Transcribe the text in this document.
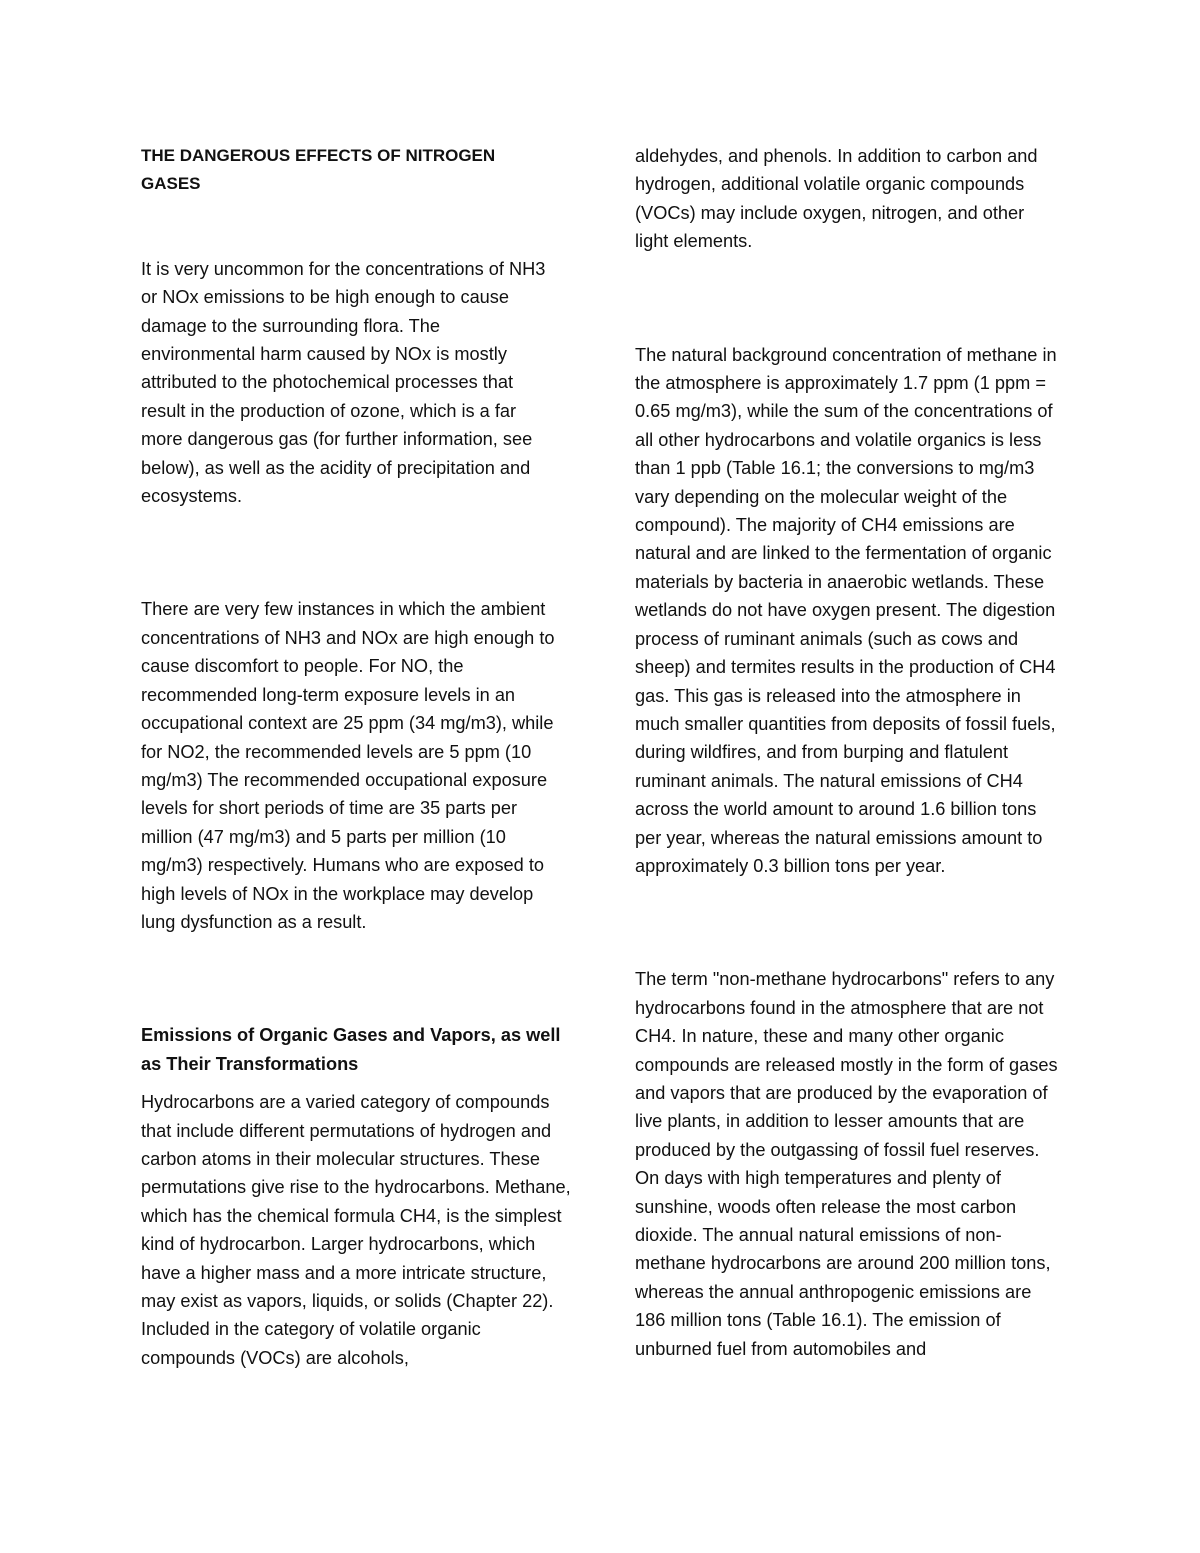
THE DANGEROUS EFFECTS OF NITROGEN GASES

It is very uncommon for the concentrations of NH3 or NOx emissions to be high enough to cause damage to the surrounding flora. The environmental harm caused by NOx is mostly attributed to the photochemical processes that result in the production of ozone, which is a far more dangerous gas (for further information, see below), as well as the acidity of precipitation and ecosystems.

There are very few instances in which the ambient concentrations of NH3 and NOx are high enough to cause discomfort to people. For NO, the recommended long-term exposure levels in an occupational context are 25 ppm (34 mg/m3), while for NO2, the recommended levels are 5 ppm (10 mg/m3) The recommended occupational exposure levels for short periods of time are 35 parts per million (47 mg/m3) and 5 parts per million (10 mg/m3) respectively. Humans who are exposed to high levels of NOx in the workplace may develop lung dysfunction as a result.

Emissions of Organic Gases and Vapors, as well as Their Transformations

Hydrocarbons are a varied category of compounds that include different permutations of hydrogen and carbon atoms in their molecular structures. These permutations give rise to the hydrocarbons. Methane, which has the chemical formula CH4, is the simplest kind of hydrocarbon. Larger hydrocarbons, which have a higher mass and a more intricate structure, may exist as vapors, liquids, or solids (Chapter 22). Included in the category of volatile organic compounds (VOCs) are alcohols,

aldehydes, and phenols. In addition to carbon and hydrogen, additional volatile organic compounds (VOCs) may include oxygen, nitrogen, and other light elements.

The natural background concentration of methane in the atmosphere is approximately 1.7 ppm (1 ppm = 0.65 mg/m3), while the sum of the concentrations of all other hydrocarbons and volatile organics is less than 1 ppb (Table 16.1; the conversions to mg/m3 vary depending on the molecular weight of the compound). The majority of CH4 emissions are natural and are linked to the fermentation of organic materials by bacteria in anaerobic wetlands. These wetlands do not have oxygen present. The digestion process of ruminant animals (such as cows and sheep) and termites results in the production of CH4 gas. This gas is released into the atmosphere in much smaller quantities from deposits of fossil fuels, during wildfires, and from burping and flatulent ruminant animals. The natural emissions of CH4 across the world amount to around 1.6 billion tons per year, whereas the natural emissions amount to approximately 0.3 billion tons per year.

The term "non-methane hydrocarbons" refers to any hydrocarbons found in the atmosphere that are not CH4. In nature, these and many other organic compounds are released mostly in the form of gases and vapors that are produced by the evaporation of live plants, in addition to lesser amounts that are produced by the outgassing of fossil fuel reserves. On days with high temperatures and plenty of sunshine, woods often release the most carbon dioxide. The annual natural emissions of non-methane hydrocarbons are around 200 million tons, whereas the annual anthropogenic emissions are 186 million tons (Table 16.1). The emission of unburned fuel from automobiles and
